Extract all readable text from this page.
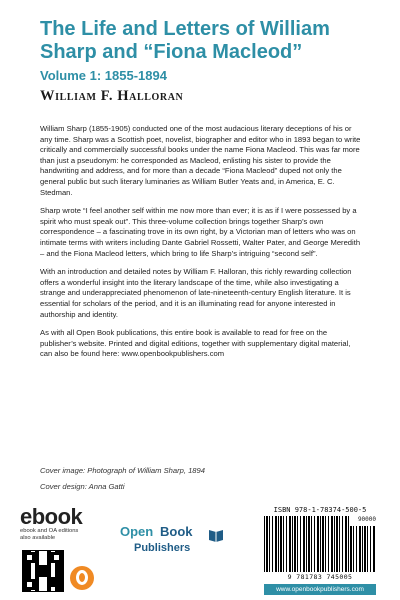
The Life and Letters of William Sharp and “Fiona Macleod”
Volume 1: 1855-1894
William F. Halloran

William Sharp (1855-1905) conducted one of the most audacious literary deceptions of his or any time. Sharp was a Scottish poet, novelist, biographer and editor who in 1893 began to write critically and commercially successful books under the name Fiona Macleod. This was far more than just a pseudonym: he corresponded as Macleod, enlisting his sister to provide the handwriting and address, and for more than a decade “Fiona Macleod” duped not only the general public but such literary luminaries as William Butler Yeats and, in America, E. C. Stedman.

Sharp wrote “I feel another self within me now more than ever; it is as if I were possessed by a spirit who must speak out”. This three-volume collection brings together Sharp’s own correspondence – a fascinating trove in its own right, by a Victorian man of letters who was on intimate terms with writers including Dante Gabriel Rossetti, Walter Pater, and George Meredith – and the Fiona Macleod letters, which bring to life Sharp’s intriguing “second self”.

With an introduction and detailed notes by William F. Halloran, this richly rewarding collection offers a wonderful insight into the literary landscape of the time, while also investigating a strange and underappreciated phenomenon of late-nineteenth-century English literature. It is essential for scholars of the period, and it is an illuminating read for anyone interested in authorship and identity.

As with all Open Book publications, this entire book is available to read for free on the publisher’s website. Printed and digital editions, together with supplementary digital material, can also be found here: www.openbookpublishers.com

Cover image: Photograph of William Sharp, 1894
Cover design: Anna Gatti
ebook
ebook and OA editions also available	Open Book
Publishers
ISBN 978-1-78374-500-5
90000
9 781783 745005
www.openbookpublishers.com
